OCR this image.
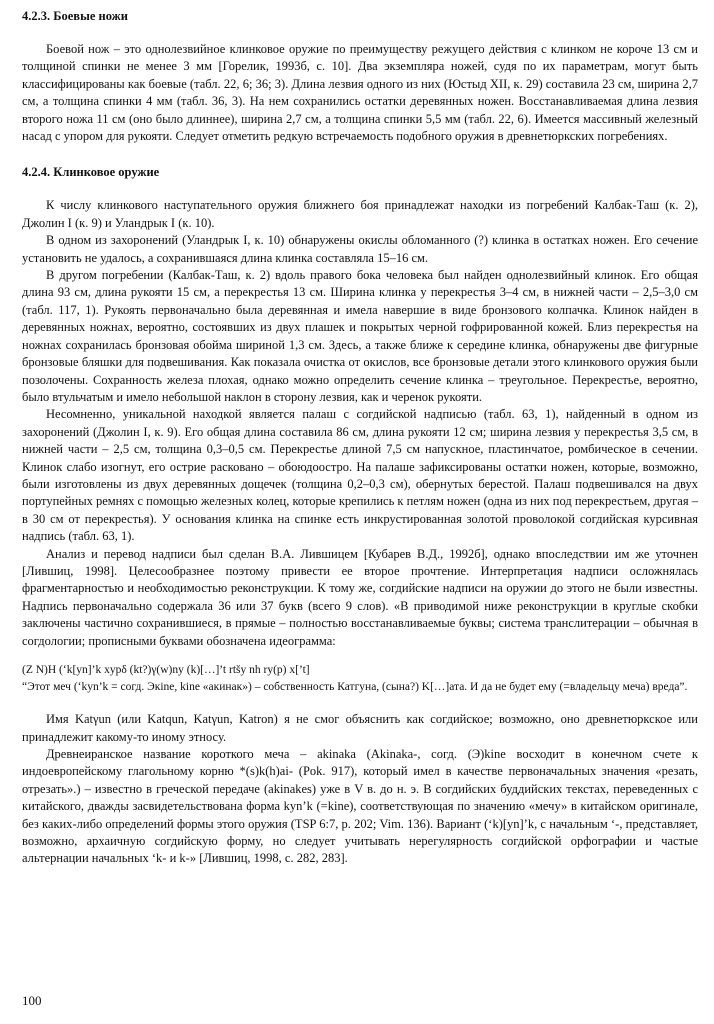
4.2.3. Боевые ножи

Боевой нож – это однолезвийное клинковое оружие по преимуществу режущего действия с клинком не короче 13 см и толщиной спинки не менее 3 мм [Горелик, 1993б, с. 10]. Два экземпляра ножей, судя по их параметрам, могут быть классифицированы как боевые (табл. 22, 6; 36; 3). Длина лезвия одного из них (Юстыд XII, к. 29) составила 23 см, ширина 2,7 см, а толщина спинки 4 мм (табл. 36, 3). На нем сохранились остатки деревянных ножен. Восстанавливаемая длина лезвия второго ножа 11 см (оно было длиннее), ширина 2,7 см, а толщина спинки 5,5 мм (табл. 22, 6). Имеется массивный железный насад с упором для рукояти. Следует отметить редкую встречаемость подобного оружия в древнетюркских погребениях.

4.2.4. Клинковое оружие

К числу клинкового наступательного оружия ближнего боя принадлежат находки из погребений Калбак-Таш (к. 2), Джолин I (к. 9) и Уландрык I (к. 10).

В одном из захоронений (Уландрык I, к. 10) обнаружены окислы обломанного (?) клинка в остатках ножен. Его сечение установить не удалось, а сохранившаяся длина клинка составляла 15–16 см.

В другом погребении (Калбак-Таш, к. 2) вдоль правого бока человека был найден однолезвийный клинок. Его общая длина 93 см, длина рукояти 15 см, а перекрестья 13 см. Ширина клинка у перекрестья 3–4 см, в нижней части – 2,5–3,0 см (табл. 117, 1). Рукоять первоначально была деревянная и имела навершие в виде бронзового колпачка. Клинок найден в деревянных ножнах, вероятно, состоявших из двух плашек и покрытых черной гофрированной кожей. Близ перекрестья на ножнах сохранилась бронзовая обойма шириной 1,3 см. Здесь, а также ближе к середине клинка, обнаружены две фигурные бронзовые бляшки для подвешивания. Как показала очистка от окислов, все бронзовые детали этого клинкового оружия были позолочены. Сохранность железа плохая, однако можно определить сечение клинка – треугольное. Перекрестье, вероятно, было втульчатым и имело небольшой наклон в сторону лезвия, как и черенок рукояти.

Несомненно, уникальной находкой является палаш с согдийской надписью (табл. 63, 1), найденный в одном из захоронений (Джолин I, к. 9). Его общая длина составила 86 см, длина рукояти 12 см; ширина лезвия у перекрестья 3,5 см, в нижней части – 2,5 см, толщина 0,3–0,5 см. Перекрестье длиной 7,5 см напускное, пластинчатое, ромбическое в сечении. Клинок слабо изогнут, его острие расковано – обоюдоострo. На палаше зафиксированы остатки ножен, которые, возможно, были изготовлены из двух деревянных дощечек (толщина 0,2–0,3 см), обернутых берестой. Палаш подвешивался на двух портупейных ремнях с помощью железных колец, которые крепились к петлям ножен (одна из них под перекрестьем, другая – в 30 см от перекрестья). У основания клинка на спинке есть инкрустированная золотой проволокой согдийская курсивная надпись (табл. 63, 1).

Анализ и перевод надписи был сделан В.А. Лившицем [Кубарев В.Д., 1992б], однако впоследствии им же уточнен [Лившиц, 1998]. Целесообразнее поэтому привести ее второе прочтение. Интерпретация надписи осложнялась фрагментарностью и необходимостью реконструкции. К тому же, согдийские надписи на оружии до этого не были известны. Надпись первоначально содержала 36 или 37 букв (всего 9 слов). «В приводимой ниже реконструкции в круглые скобки заключены частично сохранившиеся, в прямые – полностью восстанавливаемые буквы; система транслитерации – обычная в согдологии; прописными буквами обозначена идеограмма:

(Z N)H (‘k[yn]’k xypδ (kt?)γ(w)ny (k)[…]’t rtšy nh ry(p) x[’t]

“Этот меч (‘kyn’k = согд. Экine, kine «акинак») – собственность Катгуна, (сына?) K[…]ата. И да не будет ему (=владельцу меча) вреда”.

Имя Katγun (или Katqun, Katγun, Katron) я не смог объяснить как согдийское; возможно, оно древнетюркское или принадлежит какому-то иному этносу.

Древнеиранское название короткого меча – akinaka (Akinaka-, согд. (Э)kine восходит в конечном счете к индоевропейскому глагольному корню *(s)k(h)ai- (Pok. 917), который имел в качестве первоначальных значения «резать, отрезать».) – известно в греческой передаче (akinakes) уже в V в. до н. э. В согдийских буддийских текстах, переведенных с китайского, дважды засвидетельствована форма kyn’k (=kine), соответствующая по значению «мечу» в китайском оригинале, без каких-либо определений формы этого оружия (TSP 6:7, p. 202; Vim. 136). Вариант (‘k)[yn]’k, с начальным ‘-, представляет, возможно, архаичную согдийскую форму, но следует учитывать нерегулярность согдийской орфографии и частые альтернации начальных ‘k- и k-» [Лившиц, 1998, с. 282, 283].

100
